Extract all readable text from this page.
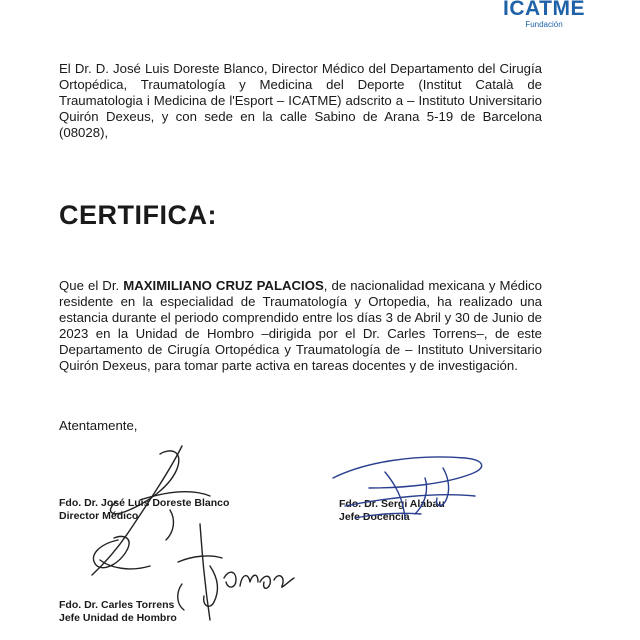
ICATME
Fundación

El Dr. D. José Luis Doreste Blanco, Director Médico del Departamento del Cirugía Ortopédica, Traumatología y Medicina del Deporte (Institut Català de Traumatologia i Medicina de l'Esport – ICATME) adscrito a – Instituto Universitario Quirón Dexeus, y con sede en la calle Sabino de Arana 5-19 de Barcelona (08028),

CERTIFICA:

Que el Dr. MAXIMILIANO CRUZ PALACIOS, de nacionalidad mexicana y Médico residente en la especialidad de Traumatología y Ortopedia, ha realizado una estancia durante el periodo comprendido entre los días 3 de Abril y 30 de Junio de 2023 en la Unidad de Hombro –dirigida por el Dr. Carles Torrens–, de este Departamento de Cirugía Ortopédica y Traumatología de – Instituto Universitario Quirón Dexeus, para tomar parte activa en tareas docentes y de investigación.

Atentamente,

Fdo. Dr. José Luis Doreste Blanco
Director Médico
Fdo. Dr. Sergi Alabau
Jefe Docencia
Fdo. Dr. Carles Torrens
Jefe Unidad de Hombro
